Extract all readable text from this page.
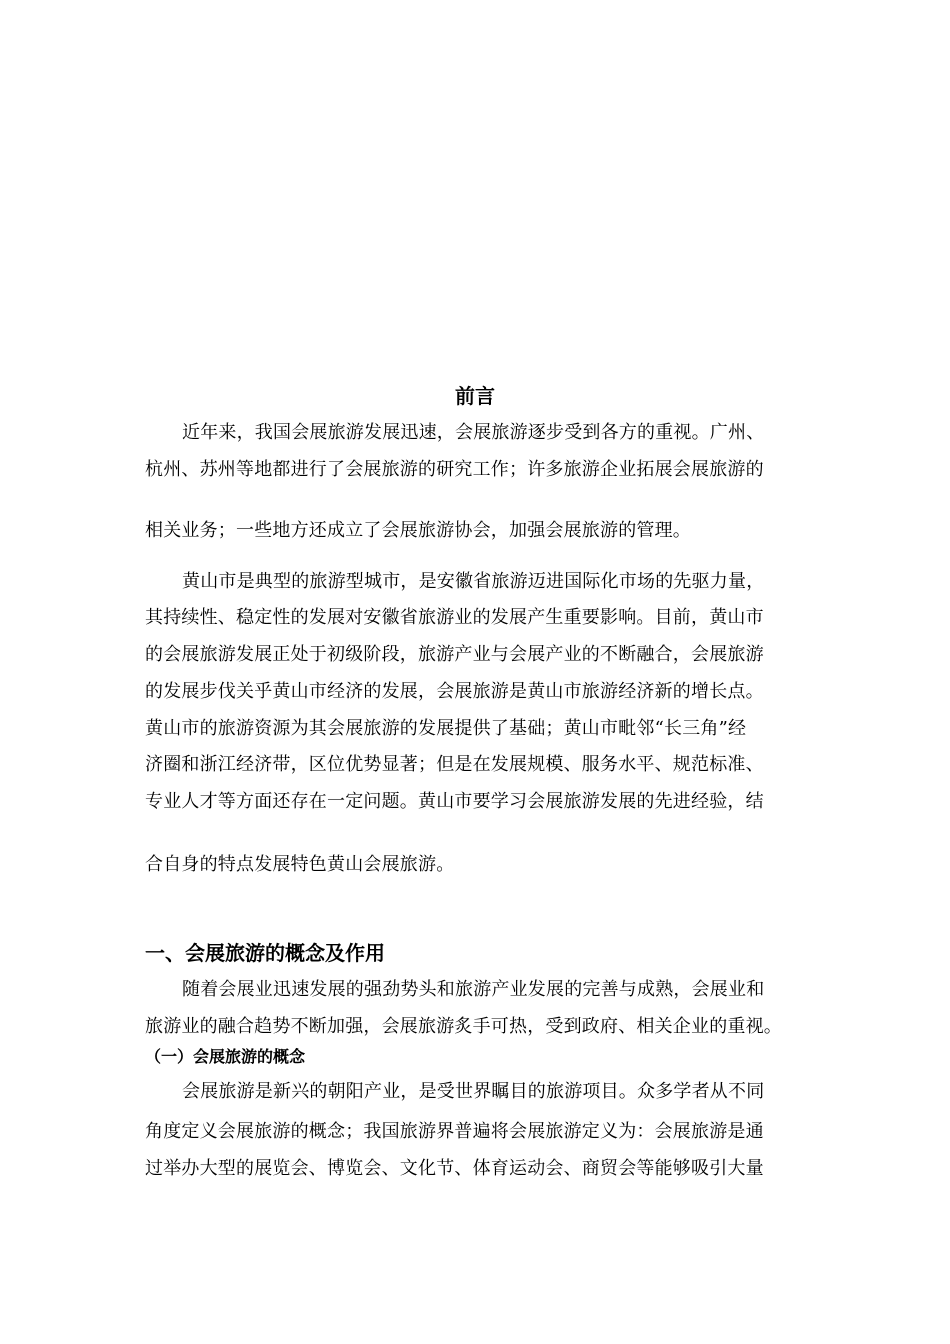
前言
近年来，我国会展旅游发展迅速，会展旅游逐步受到各方的重视。广州、
杭州、苏州等地都进行了会展旅游的研究工作；许多旅游企业拓展会展旅游的
相关业务；一些地方还成立了会展旅游协会，加强会展旅游的管理。
黄山市是典型的旅游型城市，是安徽省旅游迈进国际化市场的先驱力量，
其持续性、稳定性的发展对安徽省旅游业的发展产生重要影响。目前，黄山市
的会展旅游发展正处于初级阶段，旅游产业与会展产业的不断融合，会展旅游
的发展步伐关乎黄山市经济的发展，会展旅游是黄山市旅游经济新的增长点。
黄山市的旅游资源为其会展旅游的发展提供了基础；黄山市毗邻“长三角”经
济圈和浙江经济带，区位优势显著；但是在发展规模、服务水平、规范标准、
专业人才等方面还存在一定问题。黄山市要学习会展旅游发展的先进经验，结
合自身的特点发展特色黄山会展旅游。
一、会展旅游的概念及作用
随着会展业迅速发展的强劲势头和旅游产业发展的完善与成熟，会展业和
旅游业的融合趋势不断加强，会展旅游炙手可热，受到政府、相关企业的重视。
（一）会展旅游的概念
会展旅游是新兴的朝阳产业，是受世界瞩目的旅游项目。众多学者从不同
角度定义会展旅游的概念；我国旅游界普遍将会展旅游定义为：会展旅游是通
过举办大型的展览会、博览会、文化节、体育运动会、商贸会等能够吸引大量
